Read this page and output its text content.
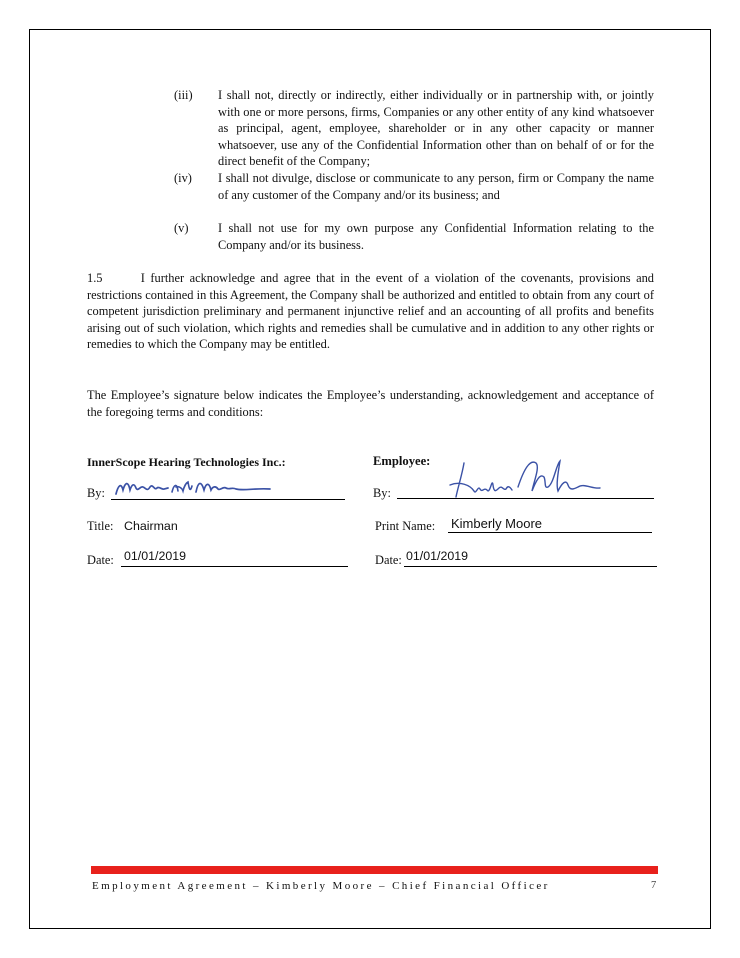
(iii) I shall not, directly or indirectly, either individually or in partnership with, or jointly with one or more persons, firms, Companies or any other entity of any kind whatsoever as principal, agent, employee, shareholder or in any other capacity or manner whatsoever, use any of the Confidential Information other than on behalf of or for the direct benefit of the Company;
(iv) I shall not divulge, disclose or communicate to any person, firm or Company the name of any customer of the Company and/or its business; and
(v) I shall not use for my own purpose any Confidential Information relating to the Company and/or its business.
1.5       I further acknowledge and agree that in the event of a violation of the covenants, provisions and restrictions contained in this Agreement, the Company shall be authorized and entitled to obtain from any court of competent jurisdiction preliminary and permanent injunctive relief and an accounting of all profits and benefits arising out of such violation, which rights and remedies shall be cumulative and in addition to any other rights or remedies to which the Company may be entitled.
The Employee’s signature below indicates the Employee’s understanding, acknowledgement and acceptance of the foregoing terms and conditions:
InnerScope Hearing Technologies Inc.:
By:
Title: Chairman
Date: 01/01/2019
Employee:
By:
Print Name: Kimberly Moore
Date: 01/01/2019
Employment Agreement – Kimberly Moore – Chief Financial Officer	7
